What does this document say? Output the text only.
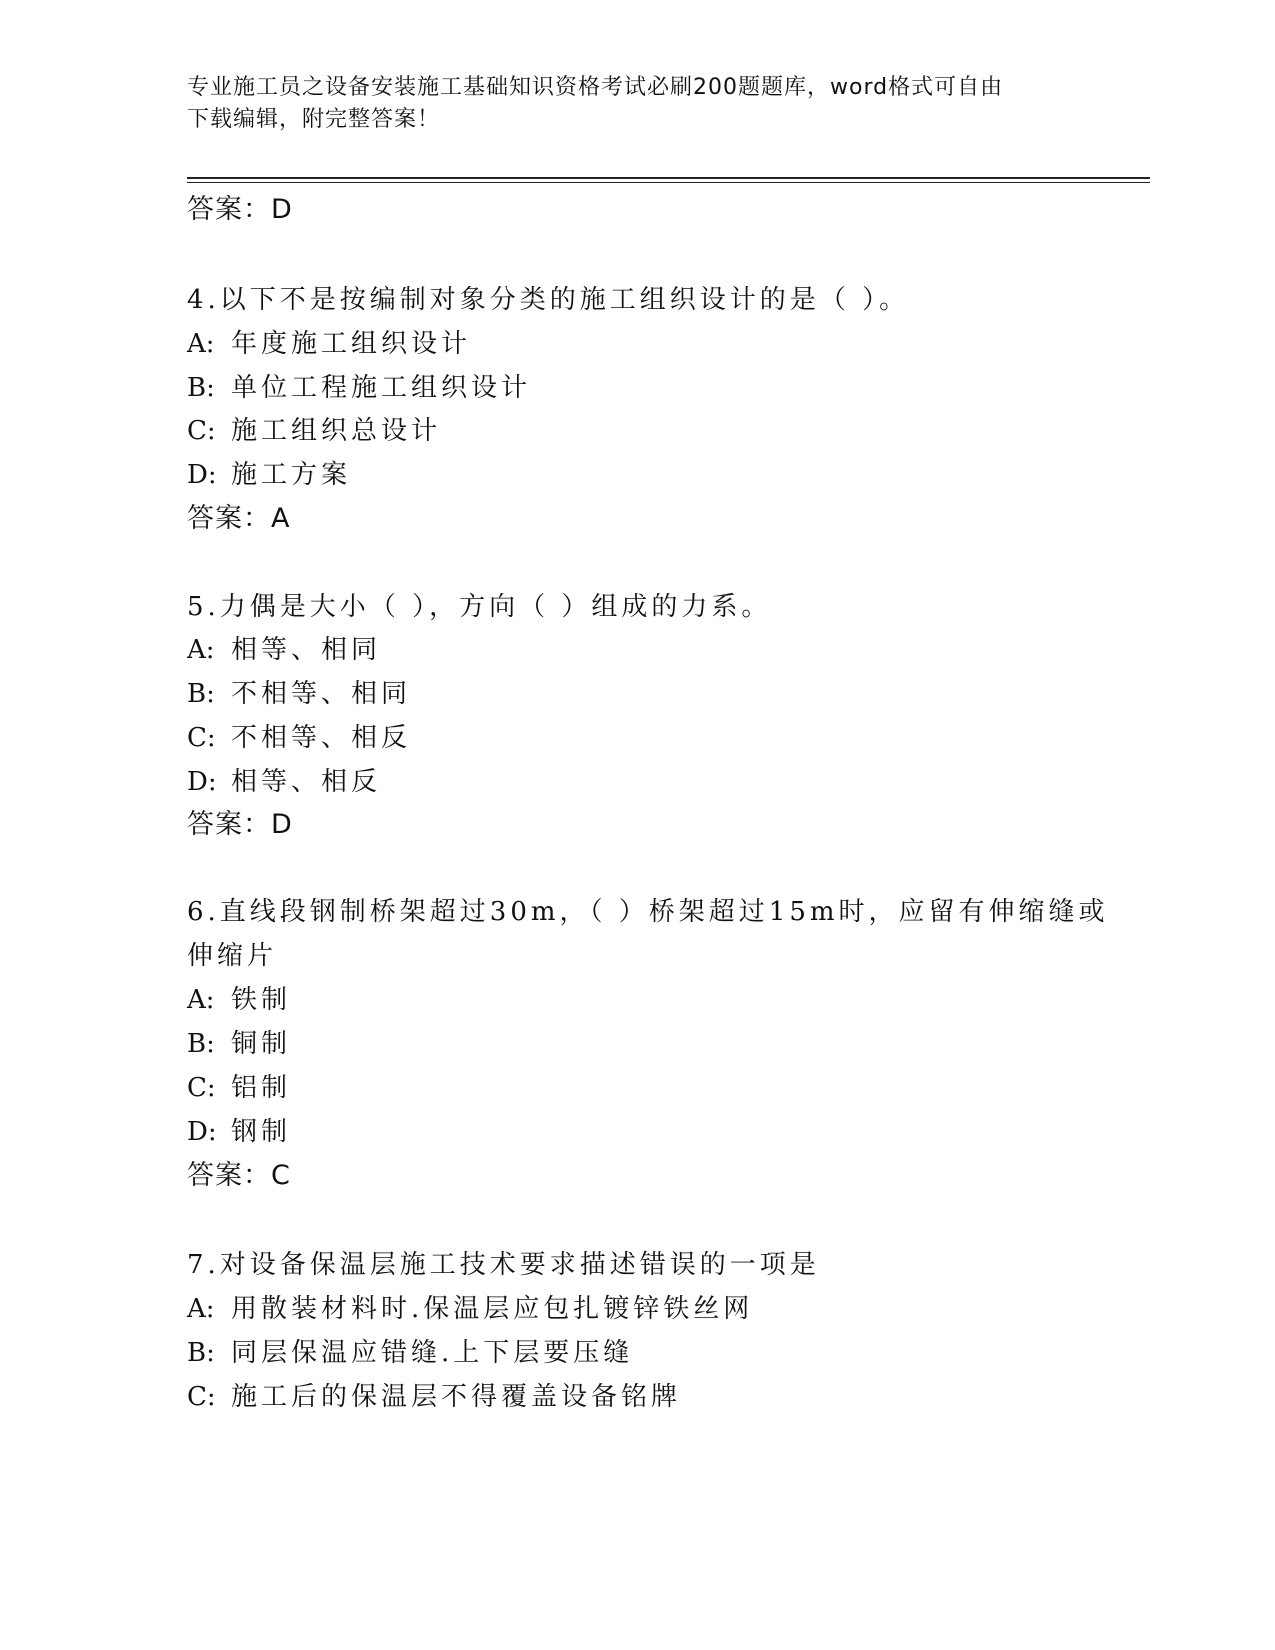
专业施工员之设备安装施工基础知识资格考试必刷200题题库，word格式可自由
下载编辑，附完整答案！
答案：D
4.以下不是按编制对象分类的施工组织设计的是（ ）。
A: 年度施工组织设计
B: 单位工程施工组织设计
C: 施工组织总设计
D: 施工方案
答案：A
5.力偶是大小（ ），方向（ ）组成的力系。
A: 相等、相同
B: 不相等、相同
C: 不相等、相反
D: 相等、相反
答案：D
6.直线段钢制桥架超过30m，（ ）桥架超过15m时，应留有伸缩缝或
伸缩片
A: 铁制
B: 铜制
C: 铝制
D: 钢制
答案：C
7.对设备保温层施工技术要求描述错误的一项是
A: 用散装材料时.保温层应包扎镀锌铁丝网
B: 同层保温应错缝.上下层要压缝
C: 施工后的保温层不得覆盖设备铭牌
